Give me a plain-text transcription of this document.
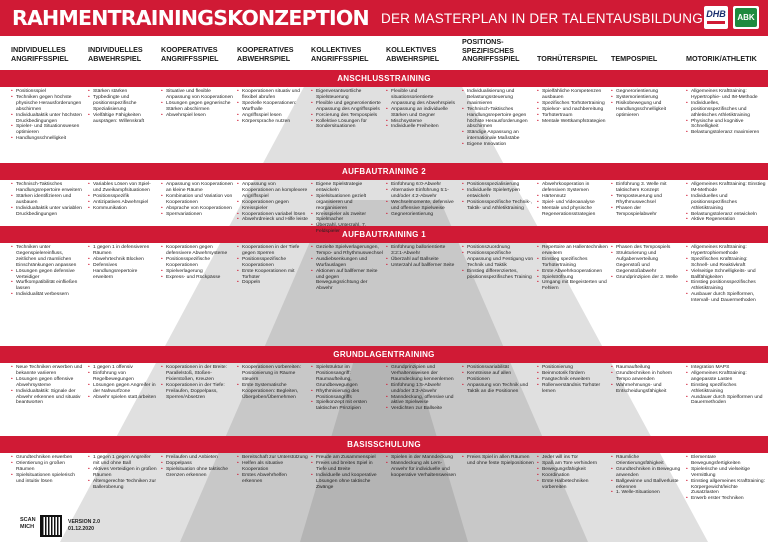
RAHMENTRAININGSKONZEPTION DER MASTERPLAN IN DER TALENTAUSBILDUNG DHB ABK
INDIVIDUELLES
ANGRIFFSSPIEL
INDIVIDUELLES
ABWEHRSPIEL
KOOPERATIVES
ANGRIFFSSPIEL
KOOPERATIVES
ABWEHRSPIEL
KOLLEKTIVES
ANGRIFFSSPIEL
KOLLEKTIVES
ABWEHRSPIEL
POSITIONS-
SPEZIFISCHES
ANGRIFFSSPIEL TORHÜTERSPIEL TEMPOSPIEL	MOTORIK/ATHLETIK
ANSCHLUSSTRAINING
AUFBAUTRAINING 2
AUFBAUTRAINING 1
GRUNDLAGENTRAINING
BASISSCHULUNG
• Positionsspiel
• Techniken gegen höchste physische Herausforderungen abschirmen
• Individualtaktik unter höchsten Druckbedingungen
• Spieler- und Situationswesen optimieren
• Handlungsschnelligkeit
• Stärken stärken
• Typbedingte und positionsspezifische Spezialisierung
• Vielfältige Fähigkeiten ausprägen: Willenskraft
• Situative und flexible Anpassung von Kooperationen
• Lösungen gegen gegnerische Stärken abschirmen
• Abwehrspiel lesen
• Kooperationen situativ und flexibel abrufen
• Spezielle Kooperationen: Wurfhalle
• Angriffsspiel lesen
• Körpersprache nutzen
• Eigenverantwortliche Spielsteuerung
• Flexible und gegnerorientierte Anpassung des Angriffsspiels
• Forcierung des Tempospiels
• Kollektive Lösungen für Sondersituationen
• Flexible und situationsorientierte Anpassung des Abwehrspiels
• Anpassung an individuelle Stärken und Gegner
• Mischsysteme
• Individuelle Freiheiten
• Individualisierung und Belastungssteuerung maximieren
• Technisch-Taktisches Handlungsrepertoire gegen höchste Herausforderungen abschirmen
• Ständige Anpassung an internationale Maßstäbe
• Eigene Innovation
• Spielfähliche Kompetenzen ausbauen
• Spezifisches Torhütertraining
• Spielvor- und nachbereitung
• Torhütertraum
• Mentale Wettkampfstrategien
• Gegnerorientierung
• Systemorientierung
• Risikobewegung und Handlungsschnelligkeit optimieren
• Allgemeines Krafttraining: Hypertrophie- und IM-Methode
• Individuelles, positionsspezifisches und athletisches Athletiktraining
• Physische und kognitive Schnelligkeit
• Belastungstoleranz maximieren
• Technisch-Taktisches Handlungsrepertoire erweitern
• Stärken identifizieren und ausbauen
• Individualtaktik unter variablen Druckbedingungen
• Variables Lösen von Spiel- und Zweikampfsituationen
• Positionsspezifik
• Antizipatives Abwehrspiel
• Kommunikation
• Anpassung von Kooperationen an kleine Räume
• Kombination und Variation von Kooperationen
• Absprache von Kooperationen
• Sperrvariationen
• Anpassung von Kooperationen an komplexere Angriffsspiel
• Kooperationen gegen Kreisspieler
• Kooperationen variabel lösen
• Abwehrdreieck und Hilfe leiste
• Eigene Spielstrategie entwickeln
• Spielsituationen gezielt organisieren und reorganisieren
• Kreisspieler als zweiter Spielmacher
• Überzahl, Unterzahl, 7. Feldspieler
• Einführung 6:0-Abwehr
• Alternative Einführung 5:1- und/oder 4:2-Abwehr
• Wechselmomente, defensive und offensive Spielweise
• Gegnerorientierung
• Positionsspezialisierung
• Individuelle Spielertypen entwickeln
• Positionsspezifische Technik-, Taktik- und Athletiktraining
• Abwehrkooperation in defensiven Systemen
• Härtennutz
• Spiel- und Videoanalyse
• Mentale und physische Regenerationsstrategien
• Einführung 3. Welle mit taktischem Konzept
• Temposteuerung und Rhythmuswechsel
• Phasen der Tempospielabwehr
• Allgemeines Krafttraining: Einstieg IM-Methode
• Individuelles und positionsspezifisches Athletiktraining
• Belastungstoleranz entwickeln
• Aktive Regeneration
• Techniken unter Gegenspielereinfluss, zeitlichen und räumlichen Einschränkungen anpassen
• Lösungen gegen defensive Verteidiger
• Wurfkompatibilität einfließen lassen
• Individualität verbessern
• 1 gegen 1 in defensiveren Räumen
• Abwehrtechnik Blocken
• Defensives Handlungsrepertoire erweitern
• Kooperationen gegen defensivere Abwehrsysteme
• Positionsspezifische Kooperationen
• Spielverlagerung
• Express- und Rückpässe
• Kooperationen in der Tiefe gegen Sperren
• Positionsspezifische Kooperationen
• Erste Kooperationen mit Torhüter
• Doppeln
• Gezielte Spielverlagerungen, Tempo- und Rhythmuswechsel
• Ausdiebsenkungen und Wurfauslagen
• Aktionen auf ballferner Seite und gegen Bewegungsrichtung der Abwehr
• Einführung ballorientierte 3:2:1-Abwehr
• Überzahl auf Ballseite
• Unterzahl auf ballferner Seite
• Positionszuordnung
• Positionsspezifische Anpassung und Festigung von Technik und Taktik
• Einstieg differenziertes, positionsspezifisches Training
• Repertoire an Hallentechniken erweitern
• Einstieg spezifisches Torhütertraining
• Erste Abwehrkooperationen
• Spielströfnung
• Umgang mit Begeisterten und Fehlern
• Phasen des Tempospiels
• Strukturierung und Aufgabenverteilung Gegenstoß und Gegenstoßabwehr
• Grundprinzipien der 2. Welle
• Allgemeines Krafttraining: Hypertrophiemethode
• Spezifisches Krafttraining: Schnell- und Reaktivkraft
• Vielseitige Schnelligkeits- und Ballfähigkeiten
• Einstieg positionsspezifisches Athletiktraining
• Ausbauer durch Spielformen, Intervall- und Dauermethoden
• Neue Techniken erwerben und bekannte variieren
• Lösungen gegen offensive Abwehrsysteme
• Individualtaktik: Signale der Abwehr erkennen und situativ beantworten
• 1 gegen 1 offensiv
• Einführung von Regelbewegungen
• Lösungen gegen Angreifer in der Nahwurfzone
• Abwehr spielen statt arbeiten
• Kooperationen in der Breite: Parallelstoß, Stoßen-Fixierstoßen, Kreuzen
• Kooperationen in der Tiefe: Freilaufen, Doppelpass, Sperren/Absetzen
• Kooperationen vorbereiten: Positionierung in Räume steuern
• Erste Systematische Kooperationen: Begleiten, Übergeben/Übernehmen
• Spielstruktur im Positionsangriff: Raumaufteilung, Grundbewegungen
• Rhythmisierung des Positionsangriffs
• Spielkonzept mit ersten taktischen Prinzipien
• Grundprinzipien und Verhaltensweisen der Raumdeckung kennenlernen
• Einführung 1:5-Abwehr und/oder 3:3-Abwehr
• Manndeckung, offensive und aktive Spielweise
• Verdichten zur Ballseite
• Positionsvariabilität
• Kenntnisse auf allen Positionen
• Anpassung von Technik und Taktik an die Positionen
• Positionierung
• Beinmotorik fördern
• Fangtechnik erweitern
• Rollenverständnis Torhüter lernen
• Raumaufteilung
• Grundtechniken in hohem Tempo anwenden
• Wahrnehmungs- und Entscheidungsfähigkeit
• Integration MAPS
• Allgemeines Krafttraining: angepasste Lasten
• Einstieg spezifisches Athletiktraining
• Ausdauer durch Spielformen und Dauermethoden
• Grundtechniken erwerben
• Orientierung in großen Räumen
• Spielsituationen spielerisch und intuitiv lösen
• 1 gegen 1 gegen Angreifer mit und ohne Ball
• Aktives Verteidigen in großen Räumen
• Altersgerechte Techniken zur Balleroberung
• Freilaufen und Anbieten
• Doppelpass
• Spielsituation ohne taktische Grenzen erkennen
• Bereitschaft zur Unterstützung
• Helfen als situative Kooperation
• Erstes Abwehrhelfen erkennen
• Freude am Zusammenspiel
• Freies und breites Spiel in Tiefe und Breite
• Individuelle und kooperative Lösungen ohne taktische Zwänge
• Spielen in der Manndeckung
• Manndeckung als Lern-Anwehr für individuelle und kooperative Verhaltensweisen
• Freies Spiel in allen Räumen und ohne feste Spielpositionen
• Jeder will ins Tor
• Spaß am Tore verhindern
• Bewegungsfähigkeit
• Koordination
• Erste Halbetechniken vorbereiten
• Räumliche Orientierungsfähigkeit
• Grundtechniken in Bewegung anwenden
• Ballgewinne und Ballverluste erkennen
• 1. Welle-Situationen
• Elementare Bewegungsfertigkeiten
• Spielerische und vielseitige Vermittlung
• Einstieg allgemeines Krafttraining: Körpergewicht/leichte Zusatzlasten
• Erwerb erster Techniken
SCAN
MICH
VERSION 2.0
01.12.2020
